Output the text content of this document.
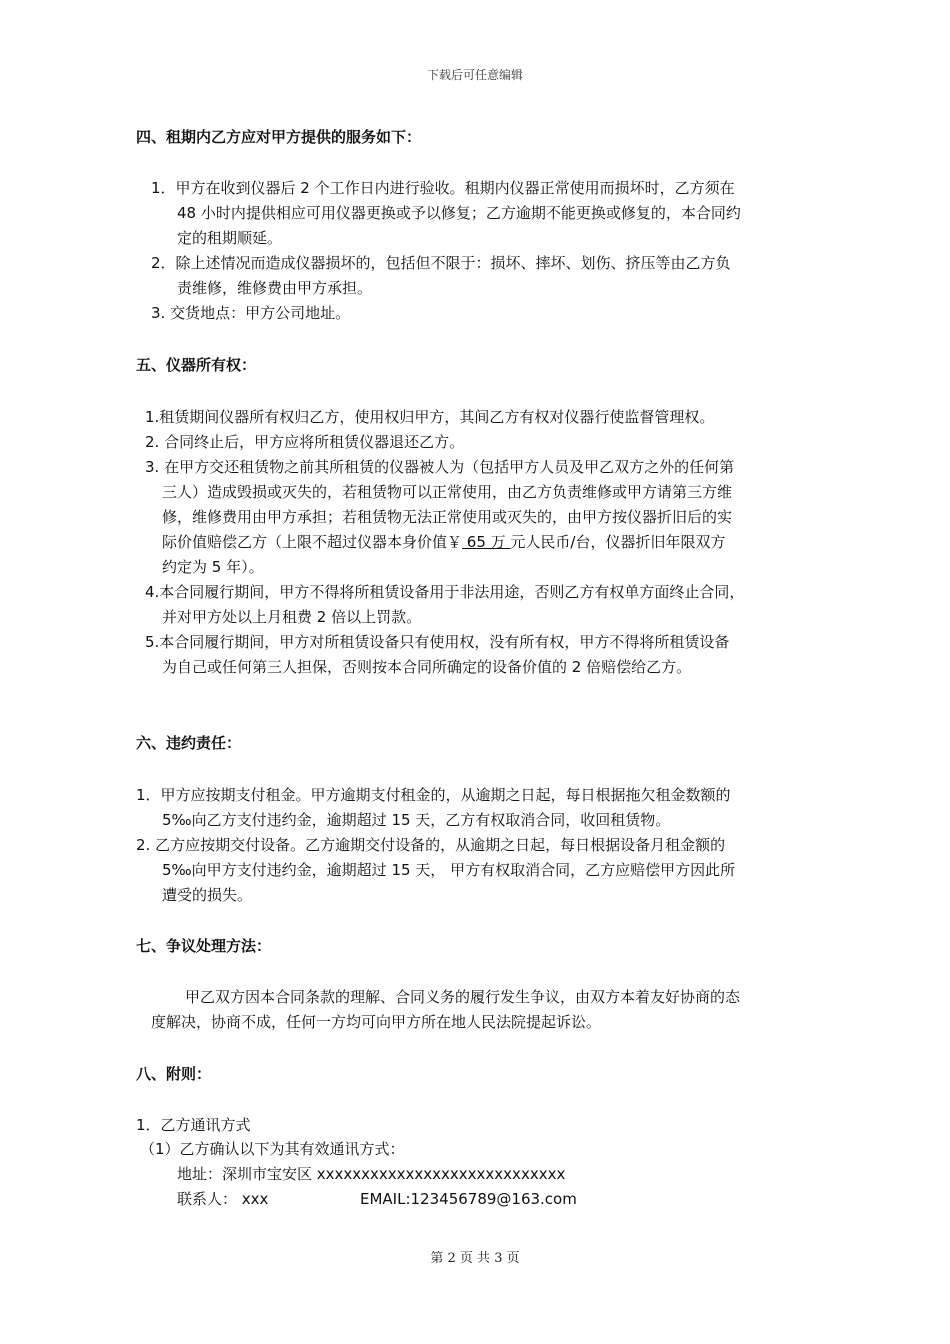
下载后可任意编辑
四、租期内乙方应对甲方提供的服务如下：
1．甲方在收到仪器后 2 个工作日内进行验收。租期内仪器正常使用而损坏时，乙方须在
48 小时内提供相应可用仪器更换或予以修复；乙方逾期不能更换或修复的，本合同约
定的租期顺延。
2．除上述情况而造成仪器损坏的，包括但不限于：损坏、摔坏、划伤、挤压等由乙方负
责维修，维修费由甲方承担。
3. 交货地点：甲方公司地址。
五、仪器所有权：
1.租赁期间仪器所有权归乙方，使用权归甲方，其间乙方有权对仪器行使监督管理权。
2. 合同终止后，甲方应将所租赁仪器退还乙方。
3. 在甲方交还租赁物之前其所租赁的仪器被人为（包括甲方人员及甲乙双方之外的任何第
三人）造成毁损或灭失的，若租赁物可以正常使用，由乙方负责维修或甲方请第三方维
修，维修费用由甲方承担；若租赁物无法正常使用或灭失的，由甲方按仪器折旧后的实
际价值赔偿乙方（上限不超过仪器本身价值￥ 65 万 元人民币/台，仪器折旧年限双方
约定为 5 年）。
4.本合同履行期间，甲方不得将所租赁设备用于非法用途，否则乙方有权单方面终止合同，
并对甲方处以上月租费 2 倍以上罚款。
5.本合同履行期间，甲方对所租赁设备只有使用权，没有所有权，甲方不得将所租赁设备
为自己或任何第三人担保，否则按本合同所确定的设备价值的 2 倍赔偿给乙方。
六、违约责任：
1．甲方应按期支付租金。甲方逾期支付租金的，从逾期之日起，每日根据拖欠租金数额的
5‰向乙方支付违约金，逾期超过 15 天，乙方有权取消合同，收回租赁物。
2. 乙方应按期交付设备。乙方逾期交付设备的，从逾期之日起，每日根据设备月租金额的
5‰向甲方支付违约金，逾期超过 15 天， 甲方有权取消合同，乙方应赔偿甲方因此所
遭受的损失。
七、争议处理方法：
甲乙双方因本合同条款的理解、合同义务的履行发生争议，由双方本着友好协商的态
度解决，协商不成，任何一方均可向甲方所在地人民法院提起诉讼。
八、附则：
1．乙方通讯方式
（1）乙方确认以下为其有效通讯方式：
地址：深圳市宝安区 xxxxxxxxxxxxxxxxxxxxxxxxxxxx
联系人： xxx	EMAIL:123456789@163.com
第 2 页 共 3 页
